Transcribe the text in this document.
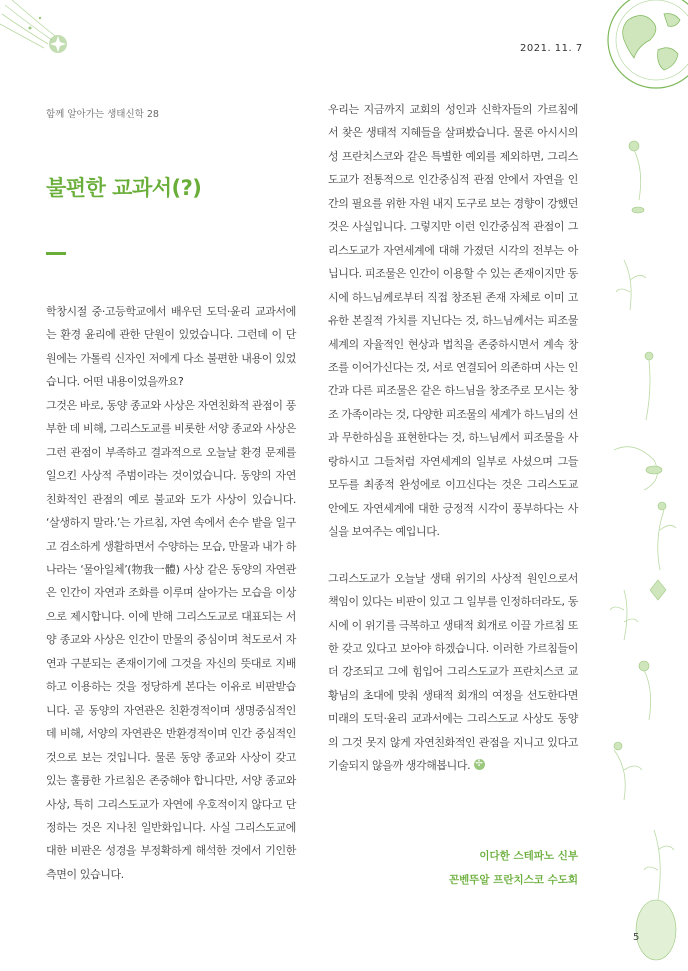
2021. 11. 7
함께 알아가는 생태신학 28
불편한 교과서(?)

학창시절 중·고등학교에서 배우던 도덕·윤리 교과서에는 환경 윤리에 관한 단원이 있었습니다. 그런데 이 단원에는 가톨릭 신자인 저에게 다소 불편한 내용이 있었습니다. 어떤 내용이었을까요?

그것은 바로, 동양 종교와 사상은 자연친화적 관점이 풍부한 데 비해, 그리스도교를 비롯한 서양 종교와 사상은 그런 관점이 부족하고 결과적으로 오늘날 환경 문제를 일으킨 사상적 주범이라는 것이었습니다. 동양의 자연친화적인 관점의 예로 불교와 도가 사상이 있습니다. ‘살생하지 말라.’는 가르침, 자연 속에서 손수 밭을 일구고 검소하게 생활하면서 수양하는 모습, 만물과 내가 하나라는 ‘물아일체’(物我一體) 사상 같은 동양의 자연관은 인간이 자연과 조화를 이루며 살아가는 모습을 이상으로 제시합니다. 이에 반해 그리스도교로 대표되는 서양 종교와 사상은 인간이 만물의 중심이며 척도로서 자연과 구분되는 존재이기에 그것을 자신의 뜻대로 지배하고 이용하는 것을 정당하게 본다는 이유로 비판받습니다. 곧 동양의 자연관은 친환경적이며 생명중심적인데 비해, 서양의 자연관은 반환경적이며 인간 중심적인 것으로 보는 것입니다. 물론 동양 종교와 사상이 갖고 있는 훌륭한 가르침은 존중해야 합니다만, 서양 종교와 사상, 특히 그리스도교가 자연에 우호적이지 않다고 단정하는 것은 지나친 일반화입니다. 사실 그리스도교에 대한 비판은 성경을 부정확하게 해석한 것에서 기인한 측면이 있습니다.

우리는 지금까지 교회의 성인과 신학자들의 가르침에서 찾은 생태적 지혜들을 살펴봤습니다. 물론 아시시의 성 프란치스코와 같은 특별한 예외를 제외하면, 그리스도교가 전통적으로 인간중심적 관점 안에서 자연을 인간의 필요를 위한 자원 내지 도구로 보는 경향이 강했던 것은 사실입니다. 그렇지만 이런 인간중심적 관점이 그리스도교가 자연세계에 대해 가졌던 시각의 전부는 아닙니다. 피조물은 인간이 이용할 수 있는 존재이지만 동시에 하느님께로부터 직접 창조된 존재 자체로 이미 고유한 본질적 가치를 지닌다는 것, 하느님께서는 피조물 세계의 자율적인 현상과 법칙을 존중하시면서 계속 창조를 이어가신다는 것, 서로 연결되어 의존하며 사는 인간과 다른 피조물은 같은 하느님을 창조주로 모시는 창조 가족이라는 것, 다양한 피조물의 세계가 하느님의 선과 무한하심을 표현한다는 것, 하느님께서 피조물을 사랑하시고 그들처럼 자연세계의 일부로 사셨으며 그들 모두를 최종적 완성에로 이끄신다는 것은 그리스도교 안에도 자연세계에 대한 긍정적 시각이 풍부하다는 사실을 보여주는 예입니다.

그리스도교가 오늘날 생태 위기의 사상적 원인으로서 책임이 있다는 비판이 있고 그 일부를 인정하더라도, 동시에 이 위기를 극복하고 생태적 회개로 이끌 가르침 또한 갖고 있다고 보아야 하겠습니다. 이러한 가르침들이 더 강조되고 그에 힘입어 그리스도교가 프란치스코 교황님의 초대에 맞춰 생태적 회개의 여정을 선도한다면 미래의 도덕·윤리 교과서에는 그리스도교 사상도 동양의 그것 못지 않게 자연친화적인 관점을 지니고 있다고 기술되지 않을까 생각해봅니다.✢

이다한 스테파노 신부
꼰벤뚜알 프란치스코 수도회
5
